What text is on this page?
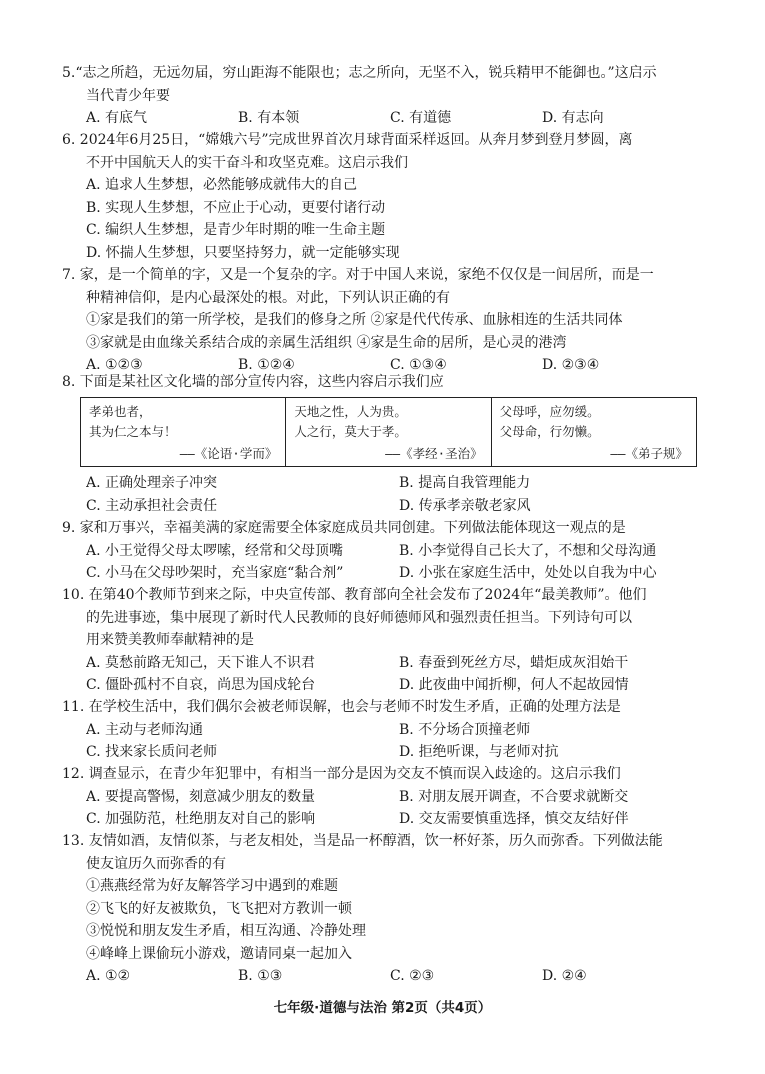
5.“志之所趋，无远勿届，穷山距海不能限也；志之所向，无坚不入，锐兵精甲不能御也。”这启示
当代青少年要
A. 有底气	B. 有本领	C. 有道德	D. 有志向
6. 2024年6月25日，“嫦娥六号”完成世界首次月球背面采样返回。从奔月梦到登月梦圆，离
不开中国航天人的实干奋斗和攻坚克难。这启示我们
A. 追求人生梦想，必然能够成就伟大的自己
B. 实现人生梦想，不应止于心动，更要付诸行动
C. 编织人生梦想，是青少年时期的唯一生命主题
D. 怀揣人生梦想，只要坚持努力，就一定能够实现
7. 家，是一个简单的字，又是一个复杂的字。对于中国人来说，家绝不仅仅是一间居所，而是一
种精神信仰，是内心最深处的根。对此，下列认识正确的有
①家是我们的第一所学校，是我们的修身之所 ②家是代代传承、血脉相连的生活共同体
③家就是由血缘关系结合成的亲属生活组织 ④家是生命的居所，是心灵的港湾
A. ①②③	B. ①②④	C. ①③④	D. ②③④
8. 下面是某社区文化墙的部分宣传内容，这些内容启示我们应
孝弟也者，
其为仁之本与！
——《论语·学而》
天地之性，人为贵。
人之行，莫大于孝。
——《孝经·圣治》
父母呼，应勿缓。
父母命，行勿懒。
——《弟子规》
A. 正确处理亲子冲突	B. 提高自我管理能力
C. 主动承担社会责任	D. 传承孝亲敬老家风
9. 家和万事兴，幸福美满的家庭需要全体家庭成员共同创建。下列做法能体现这一观点的是
A. 小王觉得父母太啰嗦，经常和父母顶嘴	B. 小李觉得自己长大了，不想和父母沟通
C. 小马在父母吵架时，充当家庭“黏合剂”	D. 小张在家庭生活中，处处以自我为中心
10. 在第40个教师节到来之际，中央宣传部、教育部向全社会发布了2024年“最美教师”。他们
的先进事迹，集中展现了新时代人民教师的良好师德师风和强烈责任担当。下列诗句可以
用来赞美教师奉献精神的是
A. 莫愁前路无知己，天下谁人不识君	B. 春蚕到死丝方尽，蜡炬成灰泪始干
C. 僵卧孤村不自哀，尚思为国戍轮台	D. 此夜曲中闻折柳，何人不起故园情
11. 在学校生活中，我们偶尔会被老师误解，也会与老师不时发生矛盾，正确的处理方法是
A. 主动与老师沟通	B. 不分场合顶撞老师
C. 找来家长质问老师	D. 拒绝听课，与老师对抗
12. 调查显示，在青少年犯罪中，有相当一部分是因为交友不慎而误入歧途的。这启示我们
A. 要提高警惕，刻意减少朋友的数量	B. 对朋友展开调查，不合要求就断交
C. 加强防范，杜绝朋友对自己的影响	D. 交友需要慎重选择，慎交友结好伴
13. 友情如酒，友情似茶，与老友相处，当是品一杯醇酒，饮一杯好茶，历久而弥香。下列做法能
使友谊历久而弥香的有
①燕燕经常为好友解答学习中遇到的难题
②飞飞的好友被欺负，飞飞把对方教训一顿
③悦悦和朋友发生矛盾，相互沟通、冷静处理
④峰峰上课偷玩小游戏，邀请同桌一起加入
A. ①②	B. ①③	C. ②③	D. ②④
七年级·道德与法治 第2页（共4页）
